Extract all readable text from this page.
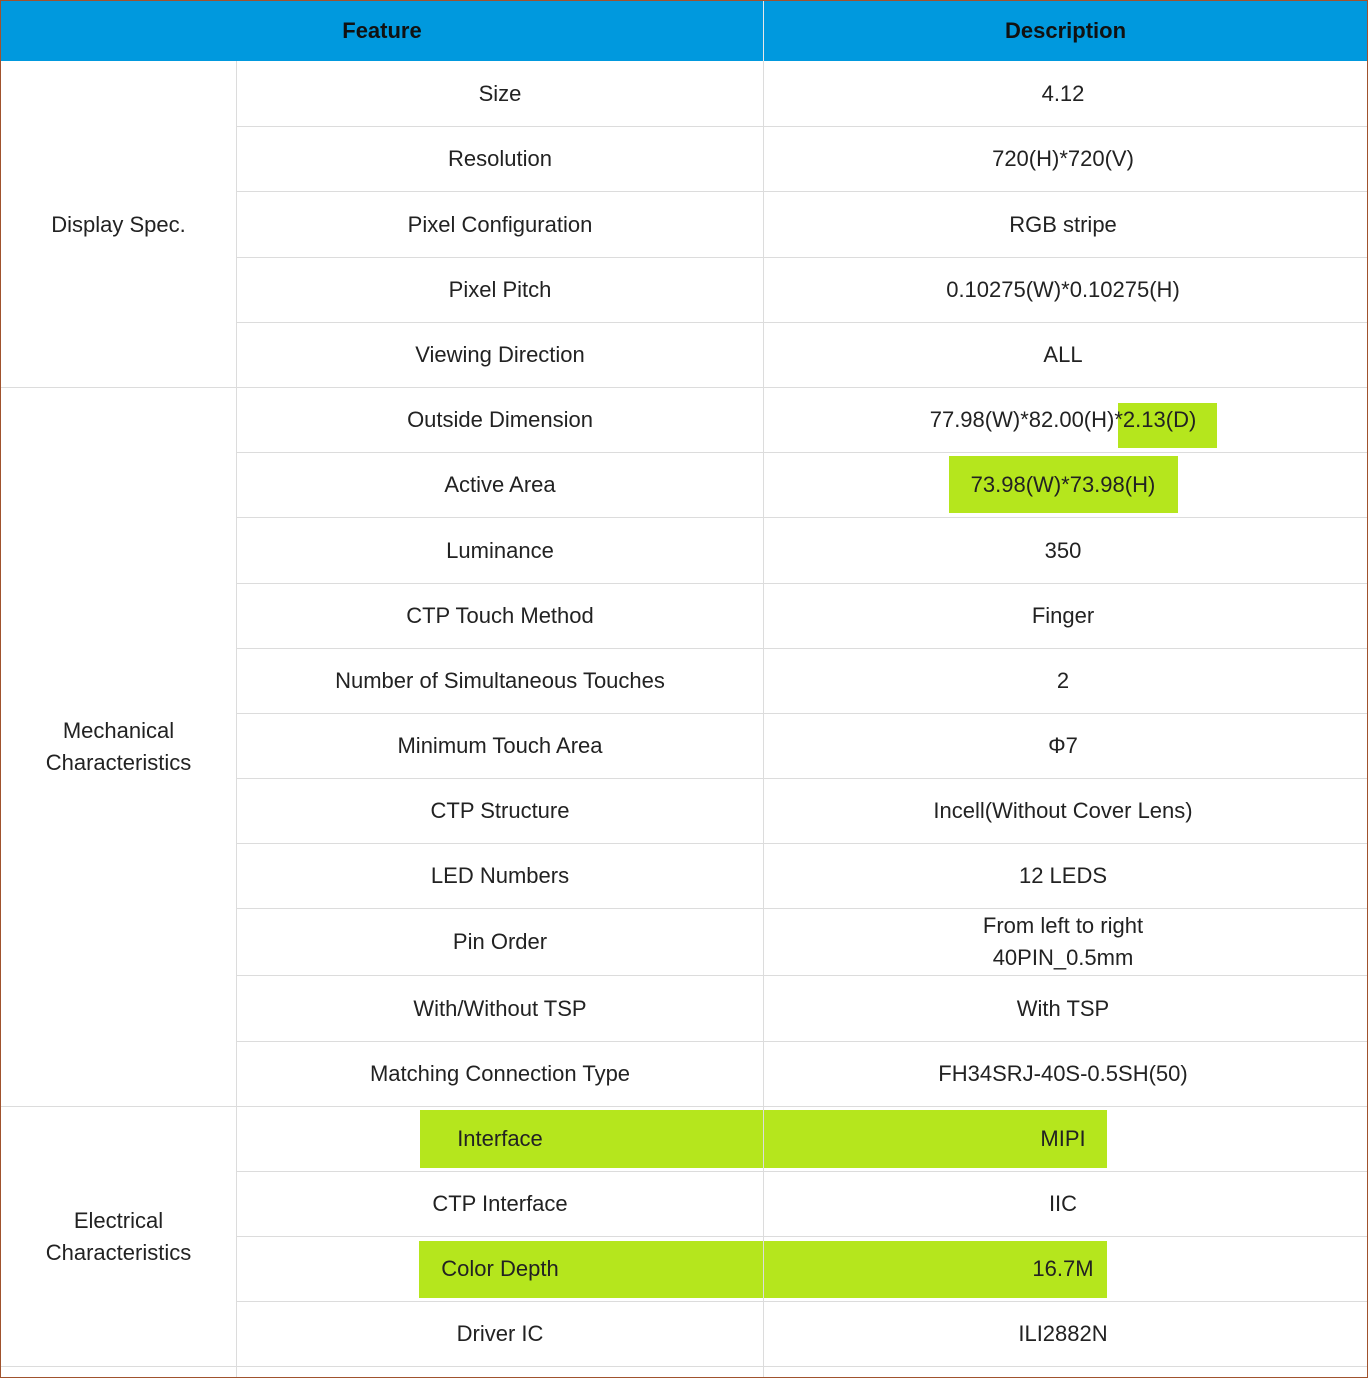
Feature	Description
Display Spec.
Mechanical
Characteristics
Electrical
Characteristics
Size
Resolution
Pixel Configuration
Pixel Pitch
Viewing Direction
Outside Dimension
Active Area
Luminance
CTP Touch Method
Number of Simultaneous Touches
Minimum Touch Area
CTP Structure
LED Numbers
Pin Order
With/Without TSP
Matching Connection Type
Interface
CTP Interface
Color Depth
Driver IC
4.12
720(H)*720(V)
RGB stripe
0.10275(W)*0.10275(H)
ALL
77.98(W)*82.00(H) *2.13(D)
73.98(W)*73.98(H)
350
Finger
2
Φ7
Incell(Without Cover Lens)
12 LEDS
From left to right
40PIN_0.5mm
With TSP
FH34SRJ-40S-0.5SH(50)
MIPI
IIC
16.7M
ILI2882N
